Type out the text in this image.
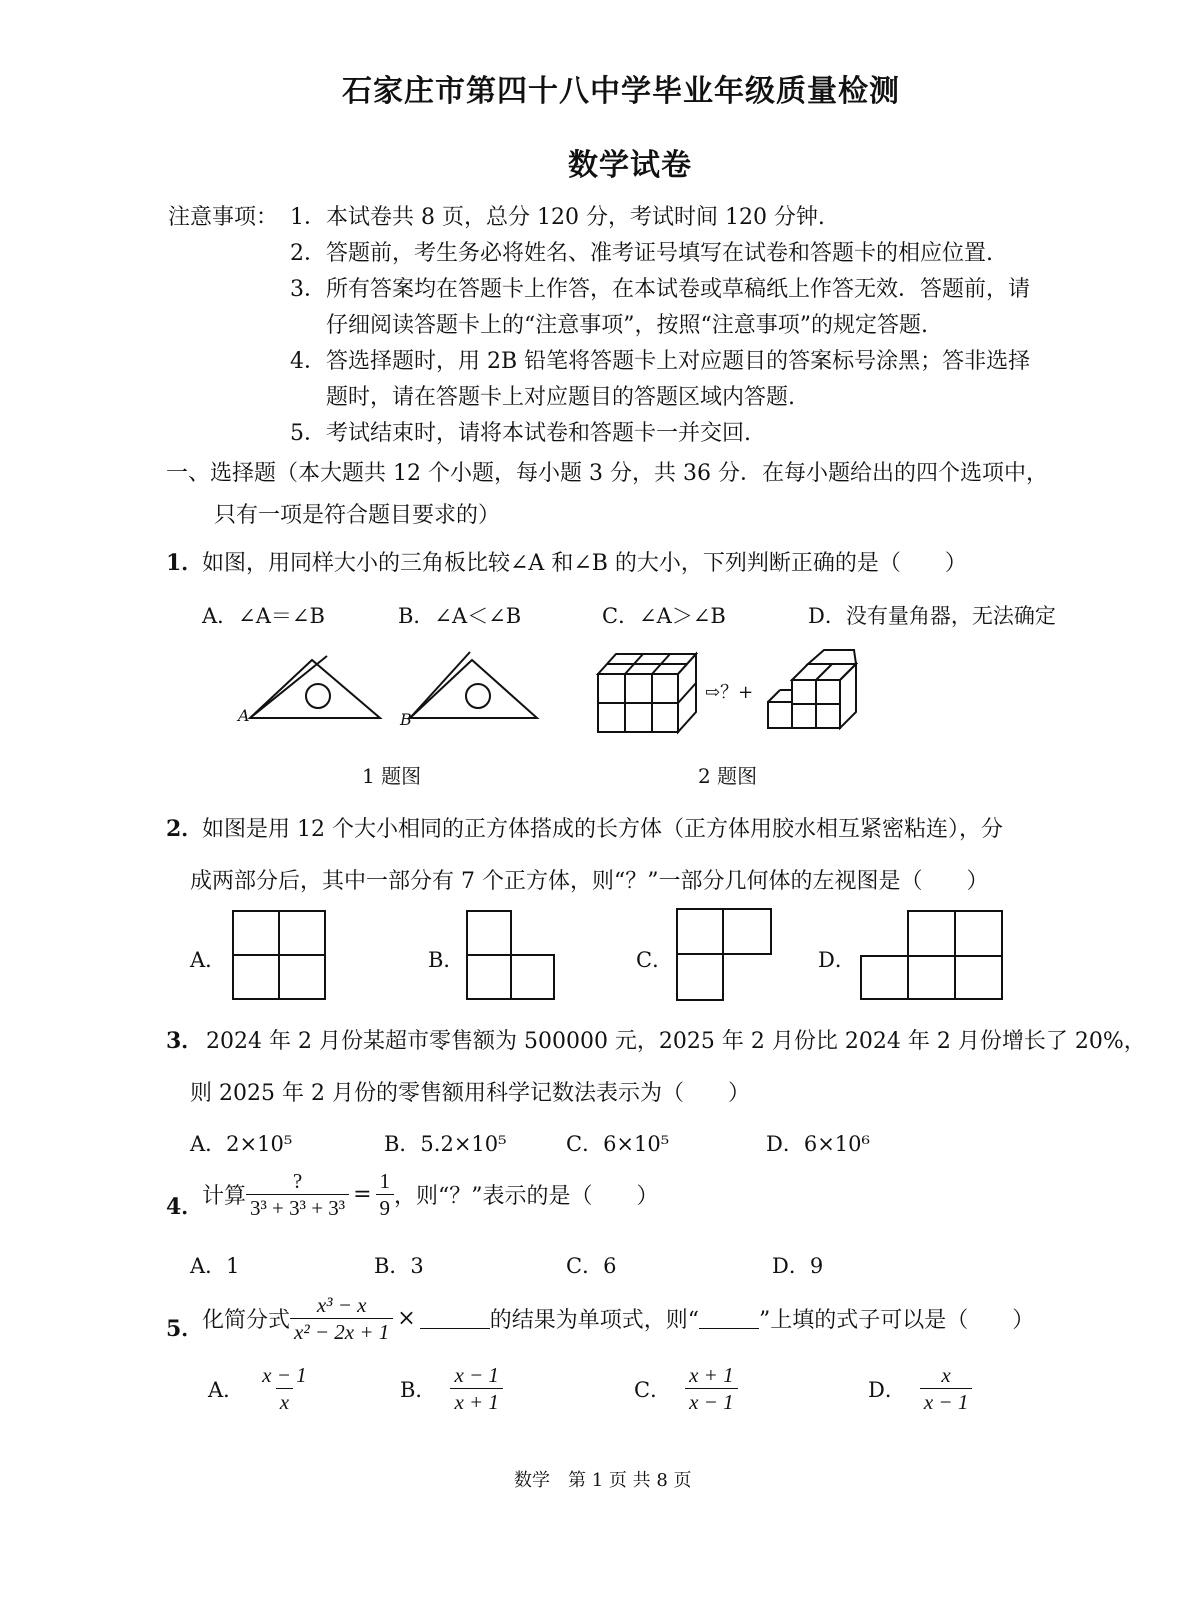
石家庄市第四十八中学毕业年级质量检测
数学试卷
注意事项： 1．本试卷共 8 页，总分 120 分，考试时间 120 分钟.
2．答题前，考生务必将姓名、准考证号填写在试卷和答题卡的相应位置.
3．所有答案均在答题卡上作答，在本试卷或草稿纸上作答无效．答题前，请
仔细阅读答题卡上的“注意事项”，按照“注意事项”的规定答题.
4．答选择题时，用 2B 铅笔将答题卡上对应题目的答案标号涂黑；答非选择
题时，请在答题卡上对应题目的答题区域内答题.
5．考试结束时，请将本试卷和答题卡一并交回.
一、选择题（本大题共 12 个小题，每小题 3 分，共 36 分．在每小题给出的四个选项中，
只有一项是符合题目要求的）
1．
如图，用同样大小的三角板比较∠A 和∠B 的大小，下列判断正确的是（　　）
A．∠A＝∠B	B．∠A＜∠B	C．∠A＞∠B	D．没有量角器，无法确定
A	B
1 题图
⇨？+
2 题图
2．
如图是用 12 个大小相同的正方体搭成的长方体（正方体用胶水相互紧密粘连），分
成两部分后，其中一部分有 7 个正方体，则“？”一部分几何体的左视图是（　　）
A．	B．	C．	D．
3． 2024 年 2 月份某超市零售额为 500000 元，2025 年 2 月份比 2024 年 2 月份增长了 20%，
则 2025 年 2 月份的零售额用科学记数法表示为（　　）
A．2×10⁵	B．5.2×10⁵	C．6×10⁵	D．6×10⁶
4．
计算 $\frac{?}{\text{3³ + 3³ + 3³}} = \frac{1}{9}$ ，则“？”表示的是（　　）
A．1	B．3	C．6	D．9
5．
化简分式 $\frac{\text{x³ − x}}{\text{x² − 2x + 1}}$ ×	的结果为单项式，则“	”上填的式子可以是（　　）
A． $\frac{x - 1}{x}$	B． $\frac{x - 1}{x + 1}$	C． $\frac{x + 1}{x - 1}$	D． $\frac{x}{x - 1}$
数学　第 1 页 共 8 页
